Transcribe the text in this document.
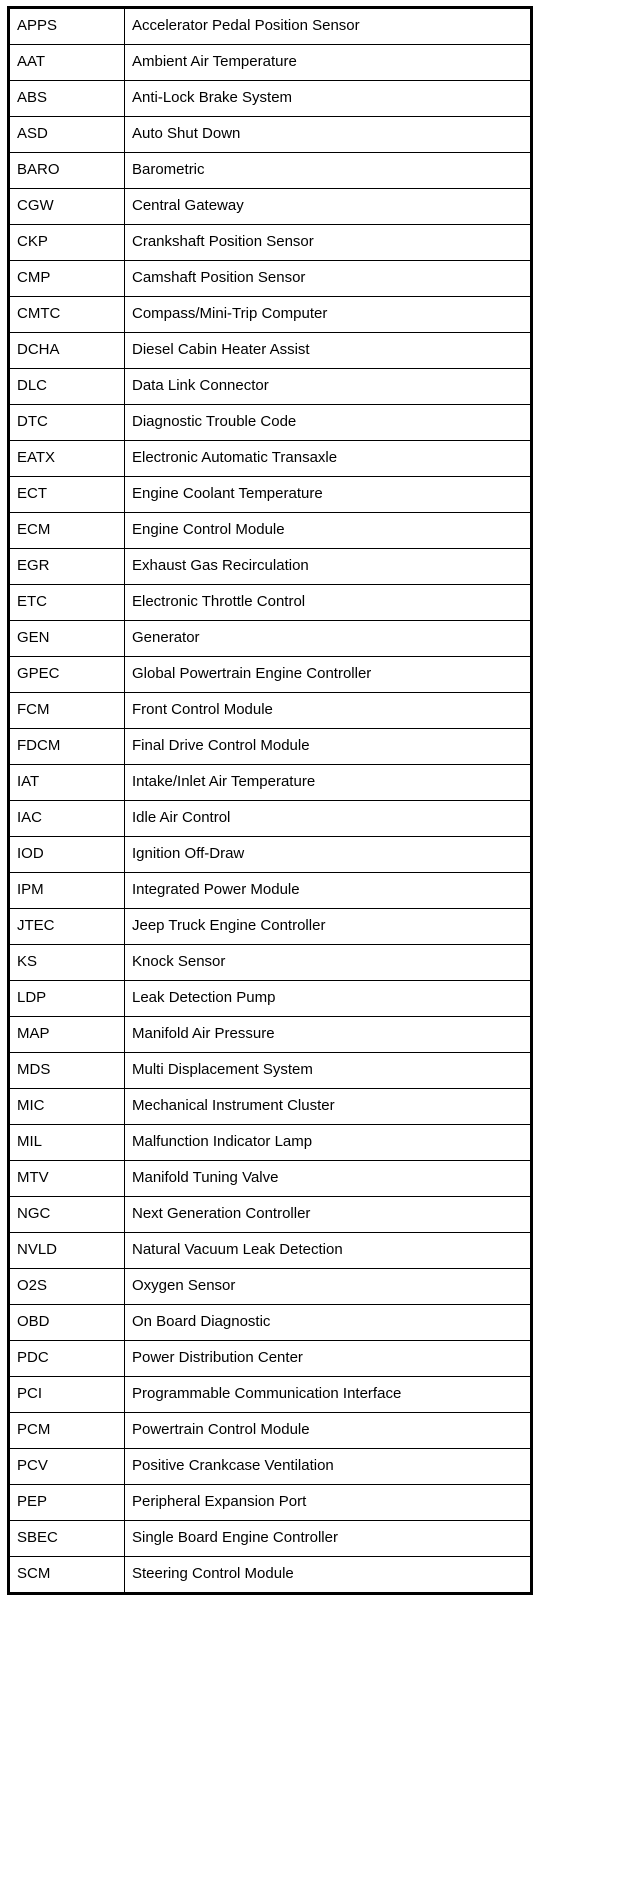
APPS	Accelerator Pedal Position Sensor
AAT	Ambient Air Temperature
ABS	Anti-Lock Brake System
ASD	Auto Shut Down
BARO	Barometric
CGW	Central Gateway
CKP	Crankshaft Position Sensor
CMP	Camshaft Position Sensor
CMTC	Compass/Mini-Trip Computer
DCHA	Diesel Cabin Heater Assist
DLC	Data Link Connector
DTC	Diagnostic Trouble Code
EATX	Electronic Automatic Transaxle
ECT	Engine Coolant Temperature
ECM	Engine Control Module
EGR	Exhaust Gas Recirculation
ETC	Electronic Throttle Control
GEN	Generator
GPEC	Global Powertrain Engine Controller
FCM	Front Control Module
FDCM	Final Drive Control Module
IAT	Intake/Inlet Air Temperature
IAC	Idle Air Control
IOD	Ignition Off-Draw
IPM	Integrated Power Module
JTEC	Jeep Truck Engine Controller
KS	Knock Sensor
LDP	Leak Detection Pump
MAP	Manifold Air Pressure
MDS	Multi Displacement System
MIC	Mechanical Instrument Cluster
MIL	Malfunction Indicator Lamp
MTV	Manifold Tuning Valve
NGC	Next Generation Controller
NVLD	Natural Vacuum Leak Detection
O2S	Oxygen Sensor
OBD	On Board Diagnostic
PDC	Power Distribution Center
PCI	Programmable Communication Interface
PCM	Powertrain Control Module
PCV	Positive Crankcase Ventilation
PEP	Peripheral Expansion Port
SBEC	Single Board Engine Controller
SCM	Steering Control Module
